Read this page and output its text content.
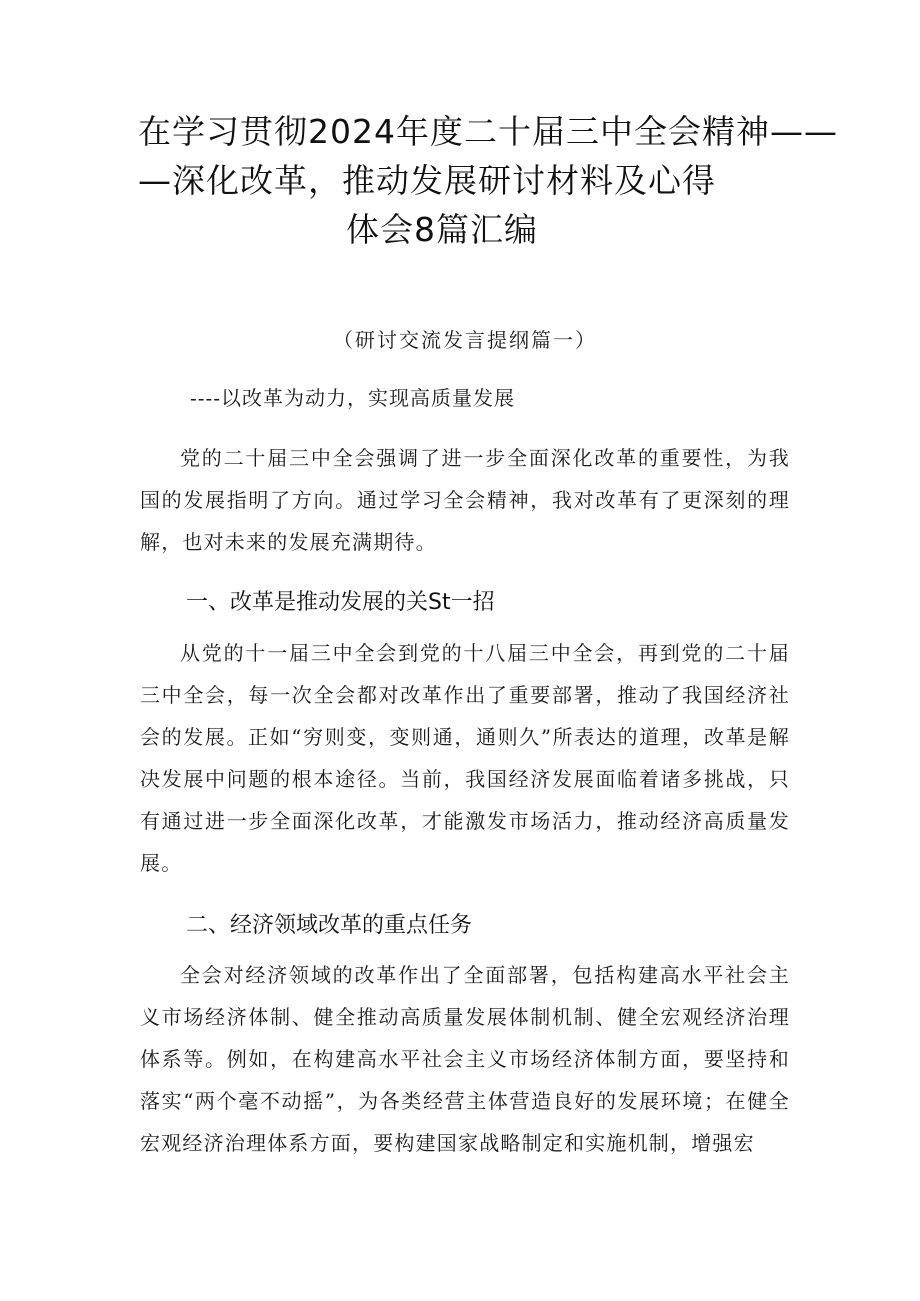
在学习贯彻2024年度二十届三中全会精神——
—深化改革，推动发展研讨材料及心得
体会8篇汇编
（研讨交流发言提纲篇一）
----以改革为动力，实现高质量发展
党的二十届三中全会强调了进一步全面深化改革的重要性，为我国的发展指明了方向。通过学习全会精神，我对改革有了更深刻的理解，也对未来的发展充满期待。
一、改革是推动发展的关St一招
从党的十一届三中全会到党的十八届三中全会，再到党的二十届三中全会，每一次全会都对改革作出了重要部署，推动了我国经济社会的发展。正如“穷则变，变则通，通则久”所表达的道理，改革是解决发展中问题的根本途径。当前，我国经济发展面临着诸多挑战，只有通过进一步全面深化改革，才能激发市场活力，推动经济高质量发展。
二、经济领域改革的重点任务
全会对经济领域的改革作出了全面部署，包括构建高水平社会主义市场经济体制、健全推动高质量发展体制机制、健全宏观经济治理体系等。例如，在构建高水平社会主义市场经济体制方面，要坚持和落实“两个毫不动摇”，为各类经营主体营造良好的发展环境；在健全宏观经济治理体系方面，要构建国家战略制定和实施机制，增强宏
